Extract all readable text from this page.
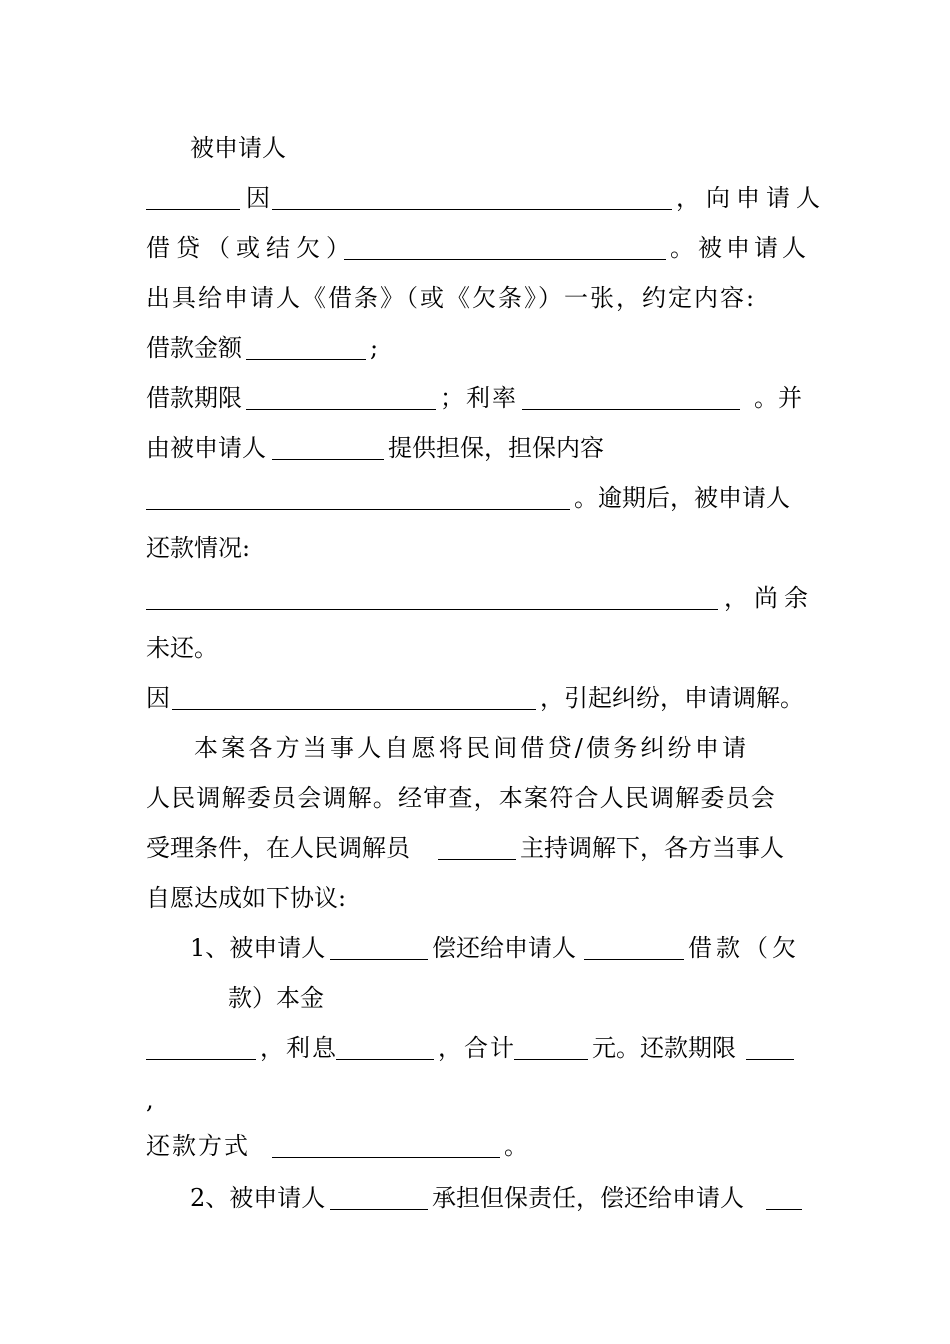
被申请人
因	，向申请人
借贷（或结欠）	。被申请人
出具给申请人《借条》（或《欠条》）一张，约定内容:
借款金额	;
借款期限	；利率	。并
由被申请人	提供担保，担保内容
。逾期后，被申请人
还款情况:
，尚余
未还。
因	，引起纠纷，申请调解。
本案各方当事人自愿将民间借贷/债务纠纷申请
人民调解委员会调解。经审查，本案符合人民调解委员会
受理条件，在人民调解员	主持调解下，各方当事人
自愿达成如下协议:
1、被申请人	偿还给申请人	借款（欠
款）本金
，利息	，合计	元。还款期限
,
还款方式	。
2、被申请人	承担但保责任，偿还给申请人
